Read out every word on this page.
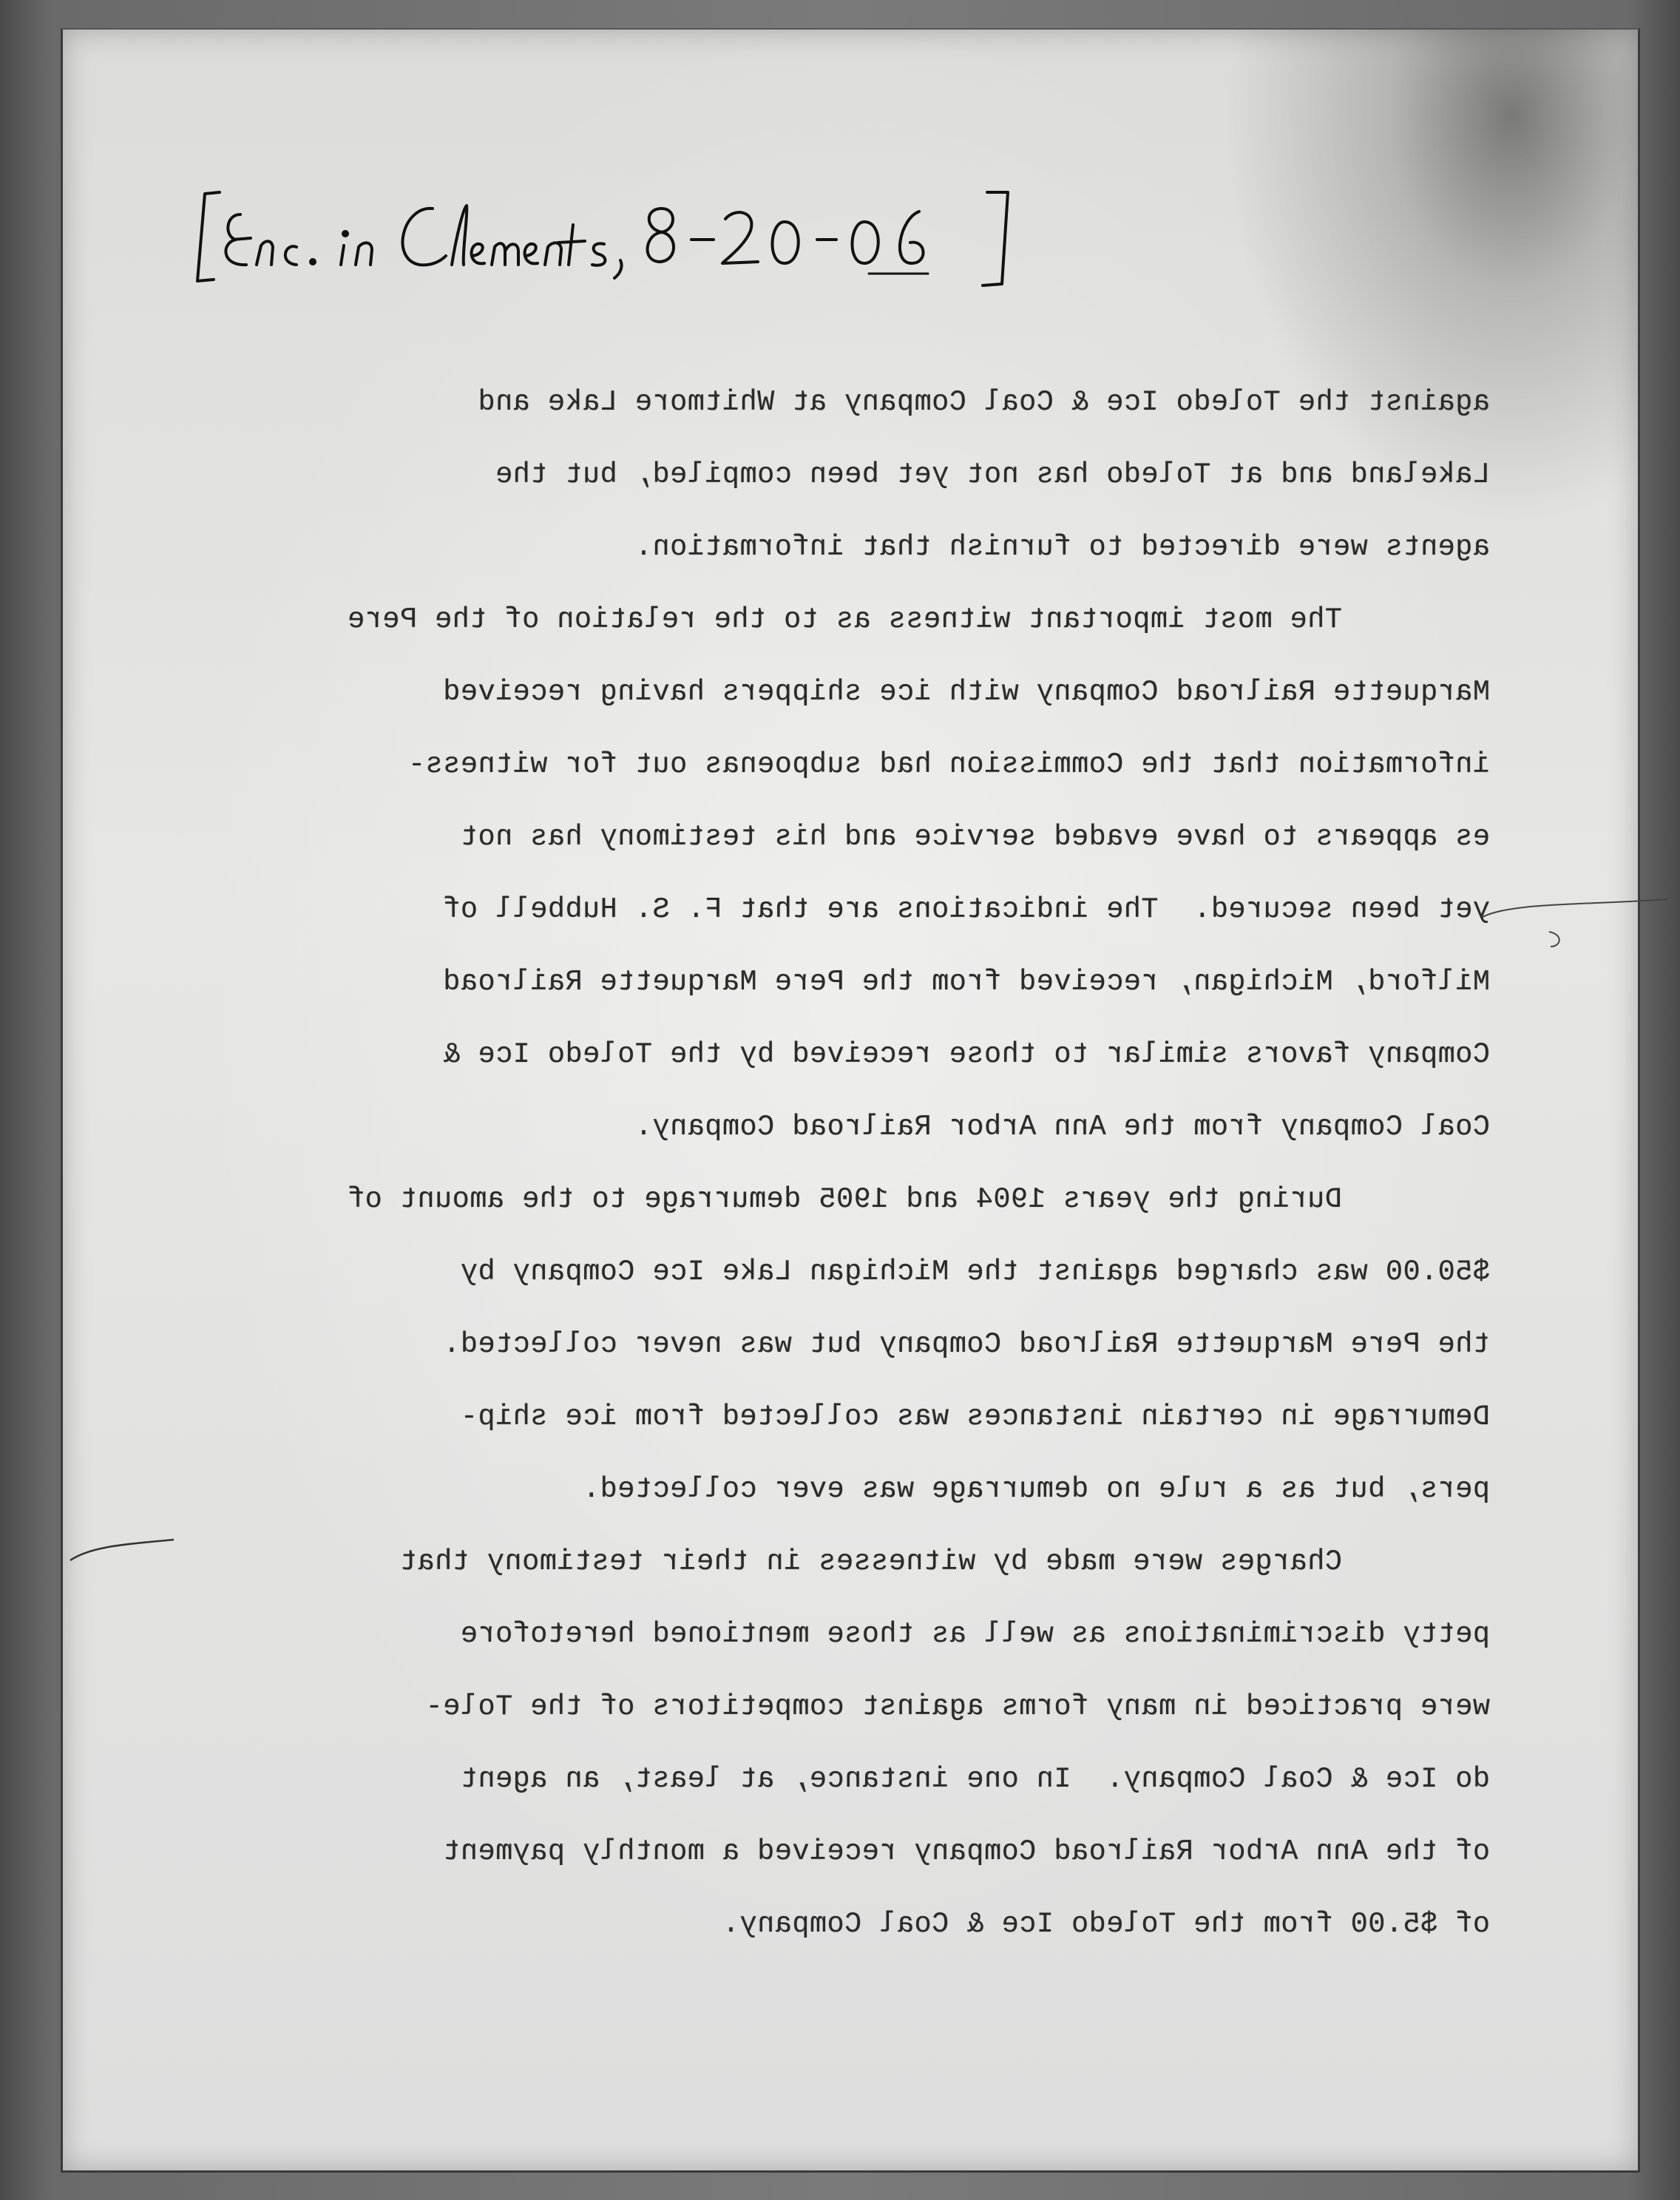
against the Toledo Ice & Coal Company at Whitmore Lake and
Lakeland and at Toledo has not yet been compiled, but the
agents were directed to furnish that information.
The most important witness as to the relation of the Pere
Marquette Railroad Company with ice shippers having received
information that the Commission had subpoenas out for witness-
es appears to have evaded service and his testimony has not
yet been secured.  The indications are that F. S. Hubbell of
Milford, Michigan, received from the Pere Marquette Railroad
Company favors similar to those received by the Toledo Ice &
Coal Company from the Ann Arbor Railroad Company.
During the years 1904 and 1905 demurrage to the amount of
$50.00 was charged against the Michigan Lake Ice Company by
the Pere Marquette Railroad Company but was never collected.
Demurrage in certain instances was collected from ice ship-
pers, but as a rule no demurrage was ever collected.
Charges were made by witnesses in their testimony that
petty discriminations as well as those mentioned heretofore
were practiced in many forms against competitors of the Tole-
do Ice & Coal Company.  In one instance, at least, an agent
of the Ann Arbor Railroad Company received a monthly payment
of $5.00 from the Toledo Ice & Coal Company.
